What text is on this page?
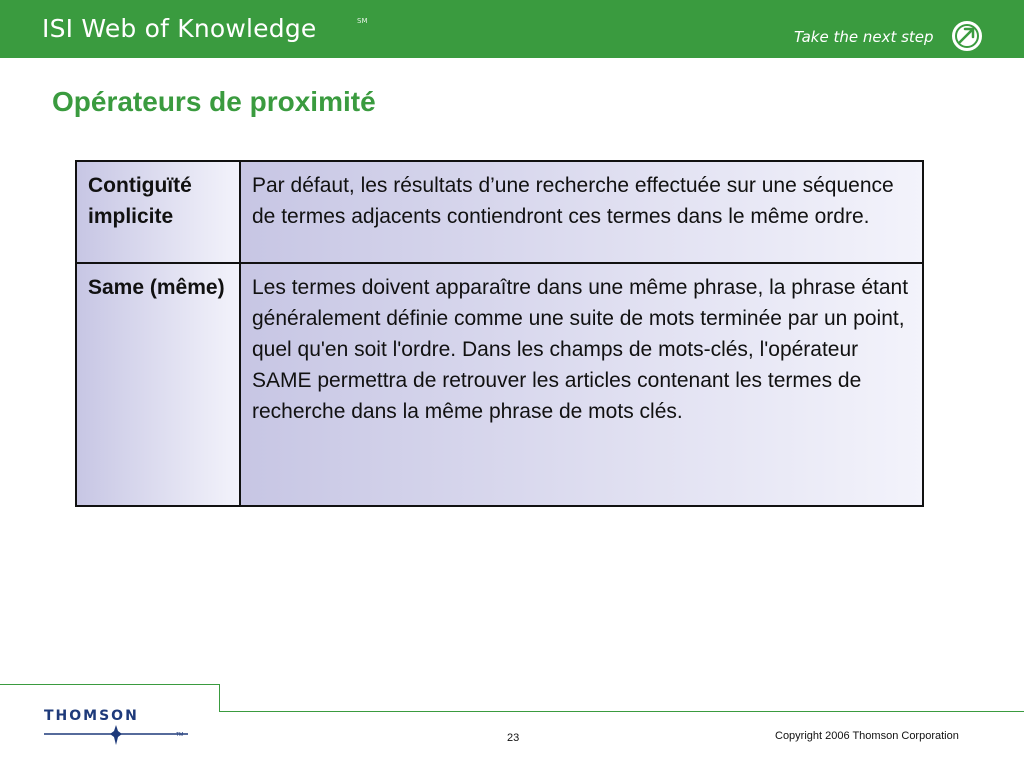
ISI Web of Knowledge	SM
Take the next step
Opérateurs de proximité
Contiguïté implicite	Par défaut, les résultats d’une recherche effectuée sur une séquence de termes adjacents contiendront ces termes dans le même ordre.
Same (même)	Les termes doivent apparaître dans une même phrase, la phrase étant généralement définie comme une suite de mots terminée par un point, quel qu'en soit l'ordre. Dans les champs de mots-clés, l'opérateur SAME permettra de retrouver les articles contenant les termes de recherche dans la même phrase de mots clés.
THOMSON
TM	23	Copyright 2006 Thomson Corporation
